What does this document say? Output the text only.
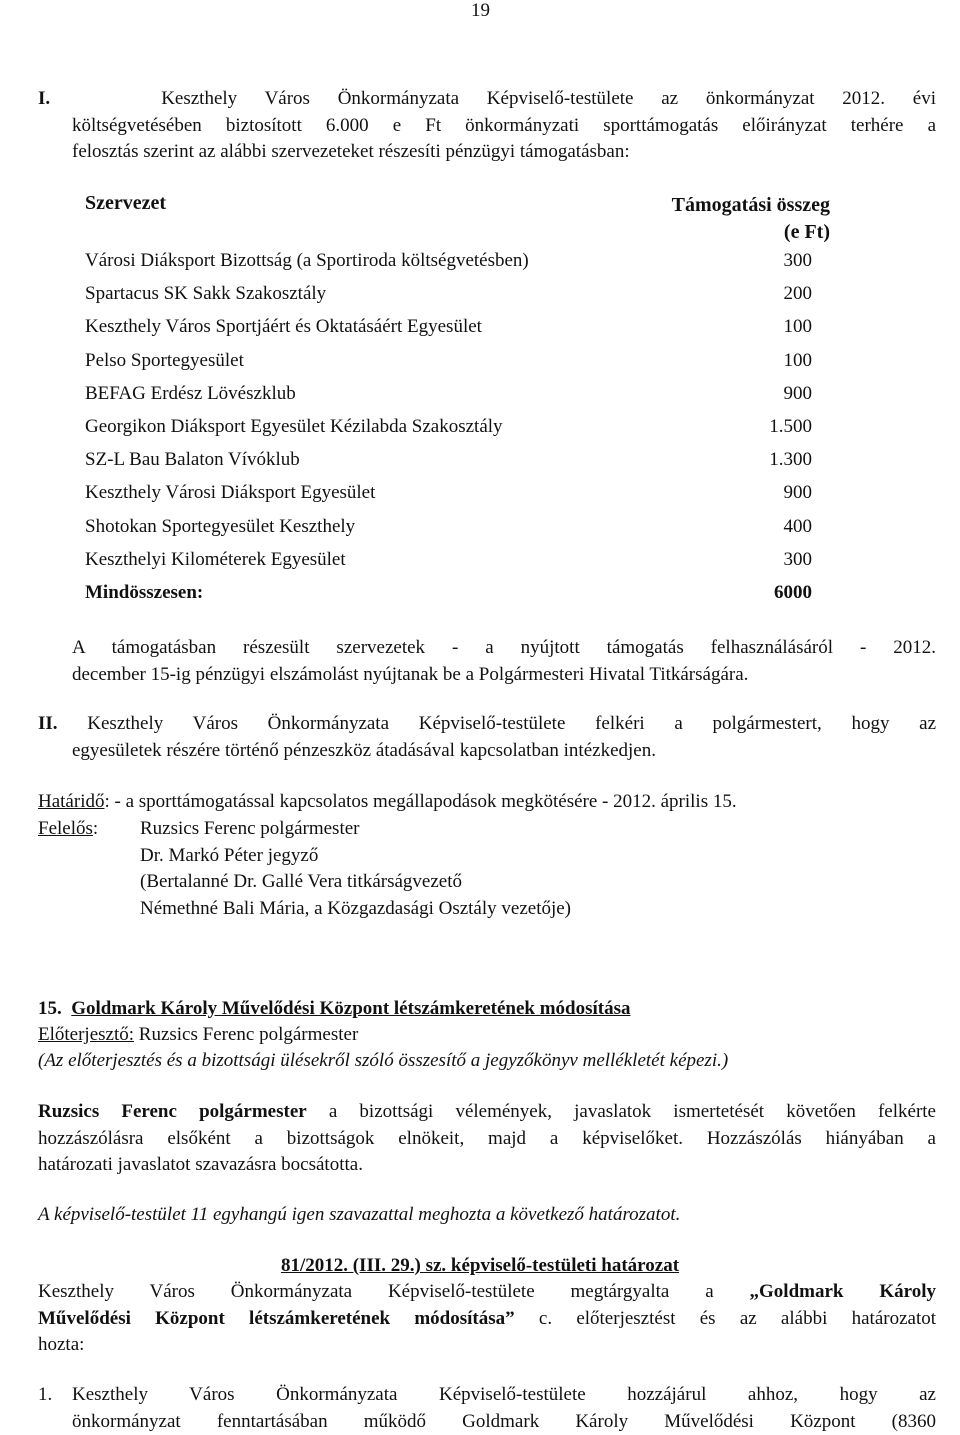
19
I.	Keszthely Város Önkormányzata Képviselő-testülete az önkormányzat 2012. évi
költségvetésében biztosított 6.000 e Ft önkormányzati sporttámogatás előirányzat terhére a
felosztás szerint az alábbi szervezeteket részesíti pénzügyi támogatásban:
Szervezet	Támogatási összeg
(e Ft)
Városi Diáksport Bizottság (a Sportiroda költségvetésben)	300
Spartacus SK Sakk Szakosztály	200
Keszthely Város Sportjáért és Oktatásáért Egyesület	100
Pelso Sportegyesület	100
BEFAG Erdész Lövészklub	900
Georgikon Diáksport Egyesület Kézilabda Szakosztály	1.500
SZ-L Bau Balaton Vívóklub	1.300
Keszthely Városi Diáksport Egyesület	900
Shotokan Sportegyesület Keszthely	400
Keszthelyi Kilométerek Egyesület	300
Mindösszesen:	6000
A támogatásban részesült szervezetek - a nyújtott támogatás felhasználásáról - 2012.
december 15-ig pénzügyi elszámolást nyújtanak be a Polgármesteri Hivatal Titkárságára.
II. Keszthely Város Önkormányzata Képviselő-testülete felkéri a polgármestert, hogy az
egyesületek részére történő pénzeszköz átadásával kapcsolatban intézkedjen.
Határidő: - a sporttámogatással kapcsolatos megállapodások megkötésére - 2012. április 15.
Felelős: Ruzsics Ferenc polgármester
Dr. Markó Péter jegyző
(Bertalanné Dr. Gallé Vera titkárságvezető
Némethné Bali Mária, a Közgazdasági Osztály vezetője)
15. Goldmark Károly Művelődési Központ létszámkeretének módosítása
Előterjesztő: Ruzsics Ferenc polgármester
(Az előterjesztés és a bizottsági ülésekről szóló összesítő a jegyzőkönyv mellékletét képezi.)
Ruzsics Ferenc polgármester a bizottsági vélemények, javaslatok ismertetését követően felkérte
hozzászólásra elsőként a bizottságok elnökeit, majd a képviselőket. Hozzászólás hiányában a
határozati javaslatot szavazásra bocsátotta.
A képviselő-testület 11 egyhangú igen szavazattal meghozta a következő határozatot.
81/2012. (III. 29.) sz. képviselő-testületi határozat
Keszthely Város Önkormányzata Képviselő-testülete megtárgyalta a „Goldmark Károly
Művelődési Központ létszámkeretének módosítása” c. előterjesztést és az alábbi határozatot
hozta:
1. Keszthely Város Önkormányzata Képviselő-testülete hozzájárul ahhoz, hogy az
önkormányzat fenntartásában működő Goldmark Károly Művelődési Központ (8360
